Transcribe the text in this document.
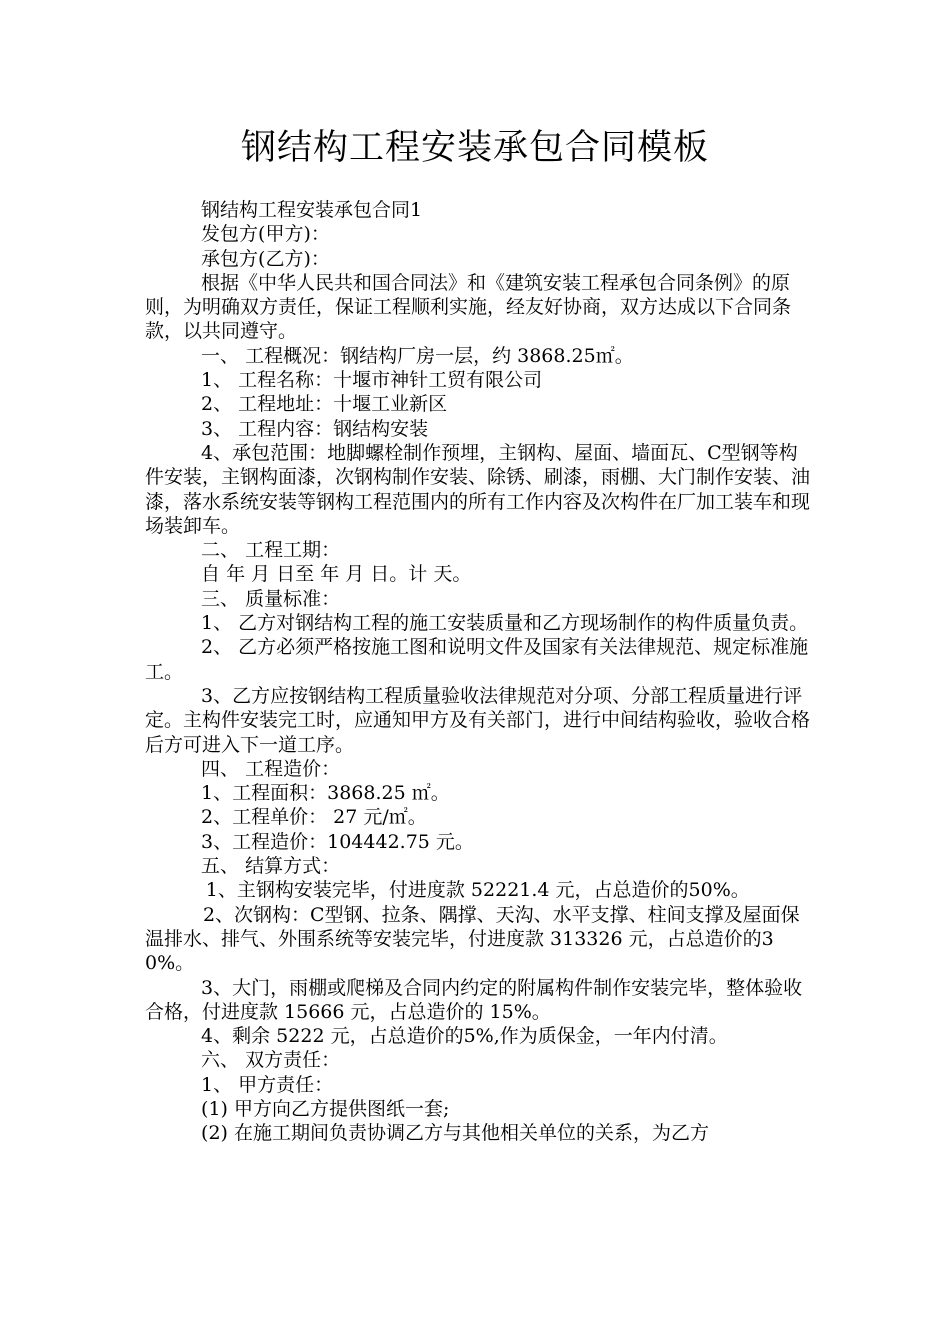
钢结构工程安装承包合同模板

钢结构工程安装承包合同1

发包方(甲方)：

承包方(乙方)：

根据《中华人民共和国合同法》和《建筑安装工程承包合同条例》的原则，为明确双方责任，保证工程顺利实施，经友好协商，双方达成以下合同条款，以共同遵守。

一、 工程概况：钢结构厂房一层，约 3868.25㎡。

1、 工程名称：十堰市神针工贸有限公司

2、 工程地址：十堰工业新区

3、 工程内容：钢结构安装

4、承包范围：地脚螺栓制作预埋，主钢构、屋面、墙面瓦、C型钢等构件安装，主钢构面漆，次钢构制作安装、除锈、刷漆，雨棚、大门制作安装、油漆，落水系统安装等钢构工程范围内的所有工作内容及次构件在厂加工装车和现场装卸车。

二、 工程工期：

自 年 月 日至 年 月 日。计 天。

三、 质量标准：

1、 乙方对钢结构工程的施工安装质量和乙方现场制作的构件质量负责。

2、 乙方必须严格按施工图和说明文件及国家有关法律规范、规定标准施工。

3、乙方应按钢结构工程质量验收法律规范对分项、分部工程质量进行评定。主构件安装完工时，应通知甲方及有关部门，进行中间结构验收，验收合格后方可进入下一道工序。

四、 工程造价：

1、工程面积：3868.25 ㎡。

2、工程单价： 27 元/㎡。

3、工程造价：104442.75 元。

五、 结算方式：

1、主钢构安装完毕，付进度款 52221.4 元，占总造价的50%。

2、次钢构：C型钢、拉条、隅撑、天沟、水平支撑、柱间支撑及屋面保温排水、排气、外围系统等安装完毕，付进度款 313326 元，占总造价的30%。

3、大门，雨棚或爬梯及合同内约定的附属构件制作安装完毕，整体验收合格，付进度款 15666 元，占总造价的 15%。

4、剩余 5222 元，占总造价的5%,作为质保金，一年内付清。

六、 双方责任：

1、 甲方责任：

(1) 甲方向乙方提供图纸一套;

(2) 在施工期间负责协调乙方与其他相关单位的关系，为乙方
